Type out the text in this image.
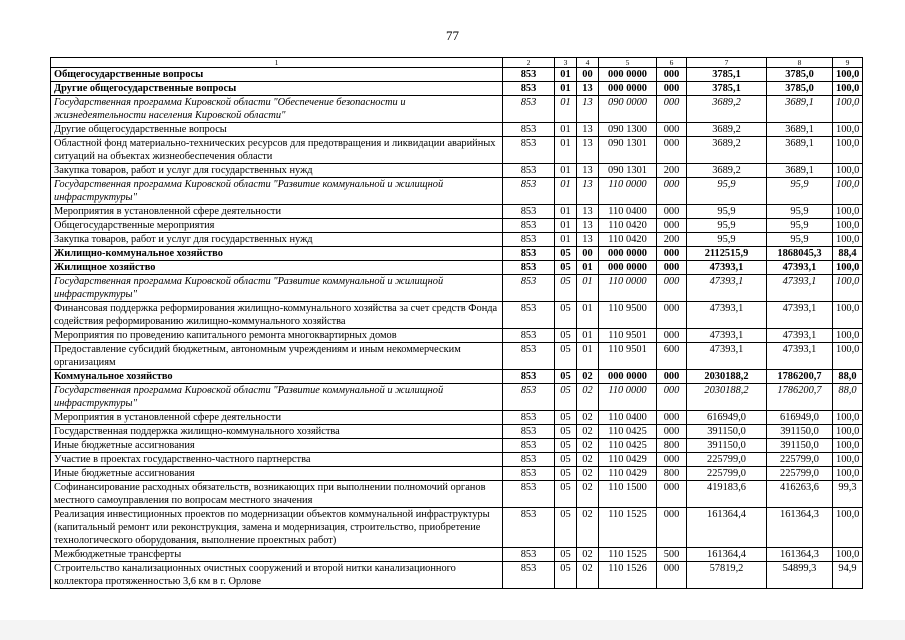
77
1	2	3	4	5	6	7	8	9
Общегосударственные вопросы	853	01	00	000 0000	000	3785,1	3785,0	100,0
Другие общегосударственные вопросы	853	01	13	000 0000	000	3785,1	3785,0	100,0
Государственная программа Кировской области "Обеспечение безопасности и жизнедеятельности населения Кировской области"	853	01	13	090 0000	000	3689,2	3689,1	100,0
Другие общегосударственные вопросы	853	01	13	090 1300	000	3689,2	3689,1	100,0
Областной фонд материально-технических ресурсов для предотвращения и ликвидации аварийных ситуаций на объектах жизнеобеспечения области	853	01	13	090 1301	000	3689,2	3689,1	100,0
Закупка товаров, работ и услуг для государственных нужд	853	01	13	090 1301	200	3689,2	3689,1	100,0
Государственная программа Кировской области "Развитие коммунальной и жилищной инфраструктуры"	853	01	13	110 0000	000	95,9	95,9	100,0
Мероприятия в установленной сфере деятельности	853	01	13	110 0400	000	95,9	95,9	100,0
Общегосударственные мероприятия	853	01	13	110 0420	000	95,9	95,9	100,0
Закупка товаров, работ и услуг для государственных нужд	853	01	13	110 0420	200	95,9	95,9	100,0
Жилищно-коммунальное хозяйство	853	05	00	000 0000	000	2112515,9	1868045,3	88,4
Жилищное хозяйство	853	05	01	000 0000	000	47393,1	47393,1	100,0
Государственная программа Кировской области "Развитие коммунальной и жилищной инфраструктуры"	853	05	01	110 0000	000	47393,1	47393,1	100,0
Финансовая поддержка реформирования жилищно-коммунального хозяйства за счет средств Фонда содействия реформированию жилищно-коммунального хозяйства	853	05	01	110 9500	000	47393,1	47393,1	100,0
Мероприятия по проведению капитального ремонта многоквартирных домов	853	05	01	110 9501	000	47393,1	47393,1	100,0
Предоставление субсидий бюджетным, автономным учреждениям и иным некоммерческим организациям	853	05	01	110 9501	600	47393,1	47393,1	100,0
Коммунальное хозяйство	853	05	02	000 0000	000	2030188,2	1786200,7	88,0
Государственная программа Кировской области "Развитие коммунальной и жилищной инфраструктуры"	853	05	02	110 0000	000	2030188,2	1786200,7	88,0
Мероприятия в установленной сфере деятельности	853	05	02	110 0400	000	616949,0	616949,0	100,0
Государственная поддержка жилищно-коммунального хозяйства	853	05	02	110 0425	000	391150,0	391150,0	100,0
Иные бюджетные ассигнования	853	05	02	110 0425	800	391150,0	391150,0	100,0
Участие в проектах государственно-частного партнерства	853	05	02	110 0429	000	225799,0	225799,0	100,0
Иные бюджетные ассигнования	853	05	02	110 0429	800	225799,0	225799,0	100,0
Софинансирование расходных обязательств, возникающих при выполнении полномочий органов местного самоуправления по вопросам местного значения	853	05	02	110 1500	000	419183,6	416263,6	99,3
Реализация инвестиционных проектов по модернизации объектов коммунальной инфраструктуры (капитальный ремонт или реконструкция, замена и модернизация, строительство, приобретение технологического оборудования, выполнение проектных работ)	853	05	02	110 1525	000	161364,4	161364,3	100,0
Межбюджетные трансферты	853	05	02	110 1525	500	161364,4	161364,3	100,0
Строительство канализационных очистных сооружений и второй нитки канализационного коллектора протяженностью 3,6 км в г. Орлове	853	05	02	110 1526	000	57819,2	54899,3	94,9
